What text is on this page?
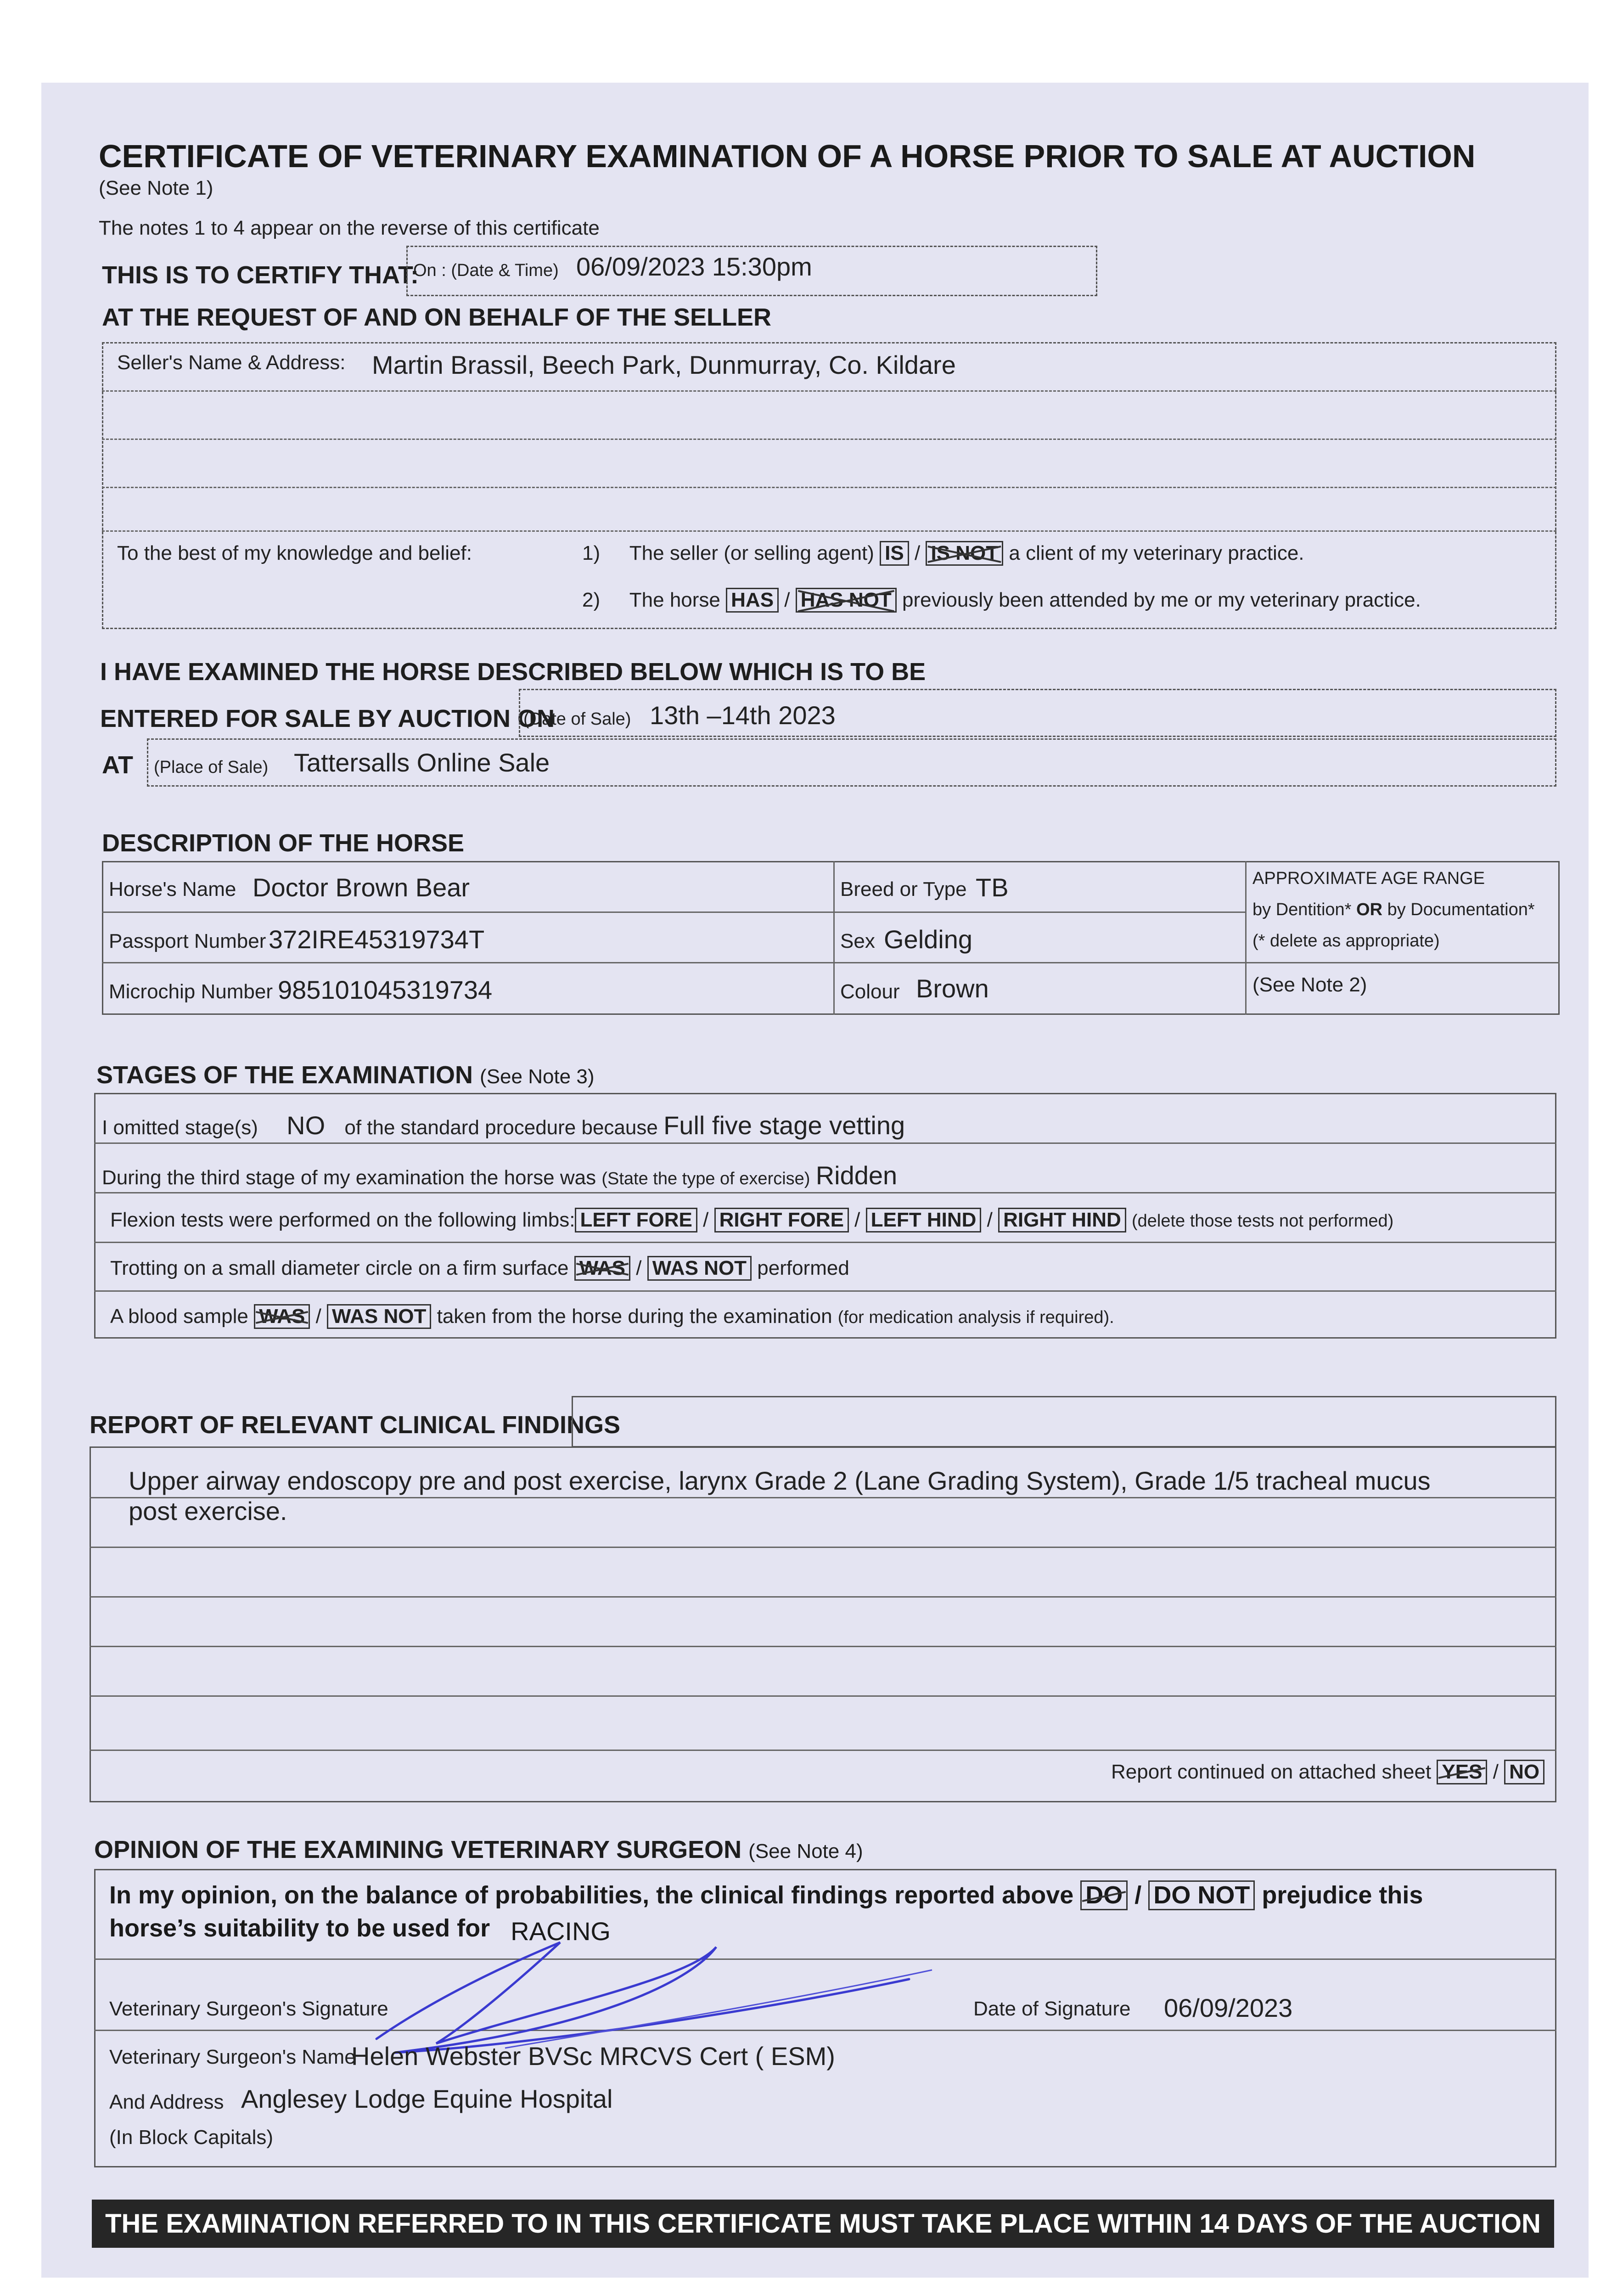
CERTIFICATE OF VETERINARY EXAMINATION OF A HORSE PRIOR TO SALE AT AUCTION
(See Note 1)
The notes 1 to 4 appear on the reverse of this certificate
THIS IS TO CERTIFY THAT:
On : (Date & Time) 06/09/2023 15:30pm
AT THE REQUEST OF AND ON BEHALF OF THE SELLER
Seller's Name & Address: Martin Brassil, Beech Park, Dunmurray, Co. Kildare
To the best of my knowledge and belief:	1) The seller (or selling agent) IS / IS NOT a client of my veterinary practice.
2) The horse HAS / HAS NOT previously been attended by me or my veterinary practice.
I HAVE EXAMINED THE HORSE DESCRIBED BELOW WHICH IS TO BE
ENTERED FOR SALE BY AUCTION ON
(Date of Sale) 13th –14th 2023
AT (Place of Sale) Tattersalls Online Sale
DESCRIPTION OF THE HORSE
Horse's Name Doctor Brown Bear
Passport Number 372IRE45319734T
Microchip Number 985101045319734
Breed or Type TB
Sex Gelding
Colour Brown
APPROXIMATE AGE RANGE
by Dentition* OR by Documentation*
(* delete as appropriate)
(See Note 2)
STAGES OF THE EXAMINATION (See Note 3)
I omitted stage(s) NO of the standard procedure because Full five stage vetting
During the third stage of my examination the horse was (State the type of exercise) Ridden
Flexion tests were performed on the following limbs: LEFT FORE / RIGHT FORE / LEFT HIND / RIGHT HIND (delete those tests not performed)
Trotting on a small diameter circle on a firm surface WAS / WAS NOT performed
A blood sample WAS / WAS NOT taken from the horse during the examination (for medication analysis if required).
REPORT OF RELEVANT CLINICAL FINDINGS
Upper airway endoscopy pre and post exercise, larynx Grade 2 (Lane Grading System), Grade 1/5 tracheal mucus
post exercise.
Report continued on attached sheet YES / NO
OPINION OF THE EXAMINING VETERINARY SURGEON (See Note 4)
In my opinion, on the balance of probabilities, the clinical findings reported above DO / DO NOT prejudice this
horse’s suitability to be used for RACING
Veterinary Surgeon's Signature	Date of Signature 06/09/2023
Veterinary Surgeon's Name
Helen Webster BVSc MRCVS Cert ( ESM)
And Address Anglesey Lodge Equine Hospital
(In Block Capitals)
THE EXAMINATION REFERRED TO IN THIS CERTIFICATE MUST TAKE PLACE WITHIN 14 DAYS OF THE AUCTION
